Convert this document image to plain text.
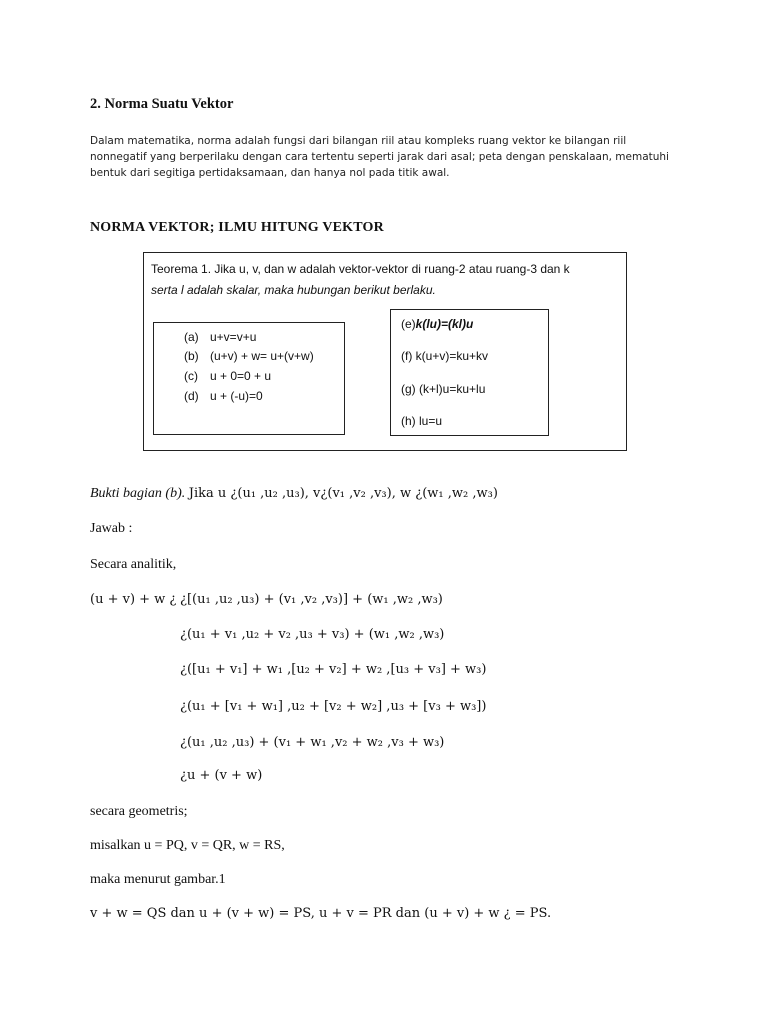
2. Norma Suatu Vektor
Dalam matematika, norma adalah fungsi dari bilangan riil atau kompleks ruang vektor ke bilangan riil
nonnegatif yang berperilaku dengan cara tertentu seperti jarak dari asal; peta dengan penskalaan, mematuhi
bentuk dari segitiga pertidaksamaan, dan hanya nol pada titik awal.
NORMA VEKTOR; ILMU HITUNG VEKTOR
Teorema 1. Jika u, v, dan w adalah vektor-vektor di ruang-2 atau ruang-3 dan k
serta l adalah skalar, maka hubungan berikut berlaku.
(a) u+v=v+u
(b) (u+v) + w= u+(v+w)
(c) u + 0=0 + u
(d) u + (-u)=0
(e)k(lu)=(kl)u
(f) k(u+v)=ku+kv
(g) (k+l)u=ku+lu
(h) lu=u
Bukti bagian (b). Jika u ¿(u₁ ,u₂ ,u₃), v¿(v₁ ,v₂ ,v₃), w ¿(w₁ ,w₂ ,w₃)
Jawab :
Secara analitik,
(u + v) + w ¿ ¿[(u₁ ,u₂ ,u₃) + (v₁ ,v₂ ,v₃)] + (w₁ ,w₂ ,w₃)
¿(u₁ + v₁ ,u₂ + v₂ ,u₃ + v₃) + (w₁ ,w₂ ,w₃)
¿([u₁ + v₁] + w₁ ,[u₂ + v₂] + w₂ ,[u₃ + v₃] + w₃)
¿(u₁ + [v₁ + w₁] ,u₂ + [v₂ + w₂] ,u₃ + [v₃ + w₃])
¿(u₁ ,u₂ ,u₃) + (v₁ + w₁ ,v₂ + w₂ ,v₃ + w₃)
¿u + (v + w)
secara geometris;
misalkan u = PQ, v = QR, w = RS,
maka menurut gambar.1
v + w = QS dan u + (v + w) = PS, u + v = PR dan (u + v) + w ¿ = PS.
